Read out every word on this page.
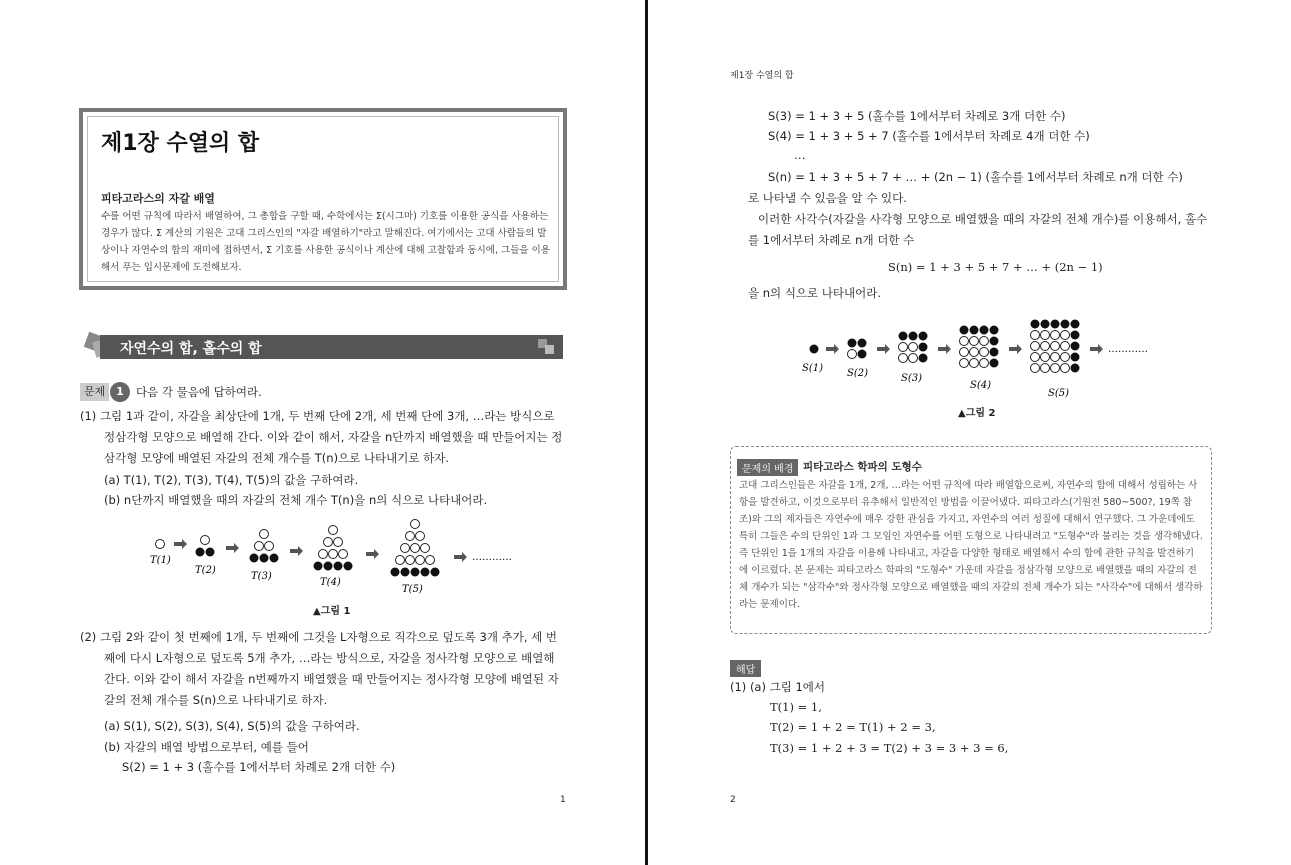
제1장 수열의 합
피타고라스의 자갈 배열
수를 어떤 규칙에 따라서 배열하여, 그 총합을 구할 때, 수학에서는 Σ(시그마) 기호를 이용한 공식을 사용하는 경우가 많다. Σ 계산의 기원은 고대 그리스인의 "자갈 배열하기"라고 말해진다. 여기에서는 고대 사람들의 발상이나 자연수의 합의 재미에 접하면서, Σ 기호를 사용한 공식이나 계산에 대해 고찰함과 동시에, 그들을 이용해서 푸는 입시문제에 도전해보자.
자연수의 합, 홀수의 합
문제 1	다음 각 물음에 답하여라.
(1) 그림 1과 같이, 자갈을 최상단에 1개, 두 번째 단에 2개, 세 번째 단에 3개, …라는 방식으로
정삼각형 모양으로 배열해 간다. 이와 같이 해서, 자갈을 n단까지 배열했을 때 만들어지는 정
삼각형 모양에 배열된 자갈의 전체 개수를 T(n)으로 나타내기로 하자.
(a) T(1), T(2), T(3), T(4), T(5)의 값을 구하여라.
(b) n단까지 배열했을 때의 자갈의 전체 개수 T(n)을 n의 식으로 나타내어라.
…………
T(1)
T(2)
T(3)
T(4)
T(5)
▲그림 1
(2) 그림 2와 같이 첫 번째에 1개, 두 번째에 그것을 L자형으로 직각으로 덮도록 3개 추가, 세 번
째에 다시 L자형으로 덮도록 5개 추가, …라는 방식으로, 자갈을 정사각형 모양으로 배열해
간다. 이와 같이 해서 자갈을 n번째까지 배열했을 때 만들어지는 정사각형 모양에 배열된 자
갈의 전체 개수를 S(n)으로 나타내기로 하자.
(a) S(1), S(2), S(3), S(4), S(5)의 값을 구하여라.
(b) 자갈의 배열 방법으로부터, 예를 들어
S(2) = 1 + 3 (홀수를 1에서부터 차례로 2개 더한 수)
1
제1장 수열의 합
S(3) = 1 + 3 + 5 (홀수를 1에서부터 차례로 3개 더한 수)
S(4) = 1 + 3 + 5 + 7 (홀수를 1에서부터 차례로 4개 더한 수)
…
S(n) = 1 + 3 + 5 + 7 + … + (2n − 1) (홀수를 1에서부터 차례로 n개 더한 수)
로 나타낼 수 있음을 알 수 있다.
이러한 사각수(자갈을 사각형 모양으로 배열했을 때의 자갈의 전체 개수)를 이용해서, 홀수
를 1에서부터 차례로 n개 더한 수
S(n) = 1 + 3 + 5 + 7 + … + (2n − 1)
을 n의 식으로 나타내어라.
…………
S(1) S(2)	S(3)
S(4)
S(5)
▲그림 2
문제의 배경 피타고라스 학파의 도형수
고대 그리스인들은 자갈을 1개, 2개, …라는 어떤 규칙에 따라 배열함으로써, 자연수의 합에 대해서 성립하는 사항을 발견하고, 이것으로부터 유추해서 일반적인 방법을 이끌어냈다. 피타고라스(기원전 580~500?, 19쪽 참조)와 그의 제자들은 자연수에 매우 강한 관심을 가지고, 자연수의 여러 성질에 대해서 연구했다. 그 가운데에도 특히 그들은 수의 단위인 1과 그 모임인 자연수를 어떤 도형으로 나타내려고 "도형수"라 불리는 것을 생각해냈다. 즉 단위인 1을 1개의 자갈을 이용해 나타내고, 자갈을 다양한 형태로 배열해서 수의 합에 관한 규칙을 발견하기에 이르렀다. 본 문제는 피타고라스 학파의 "도형수" 가운데 자갈을 정삼각형 모양으로 배열했을 때의 자갈의 전체 개수가 되는 "삼각수"와 정사각형 모양으로 배열했을 때의 자갈의 전체 개수가 되는 "사각수"에 대해서 생각하라는 문제이다.
해답
(1) (a) 그림 1에서
T(1) = 1,
T(2) = 1 + 2 = T(1) + 2 = 3,
T(3) = 1 + 2 + 3 = T(2) + 3 = 3 + 3 = 6,
2
